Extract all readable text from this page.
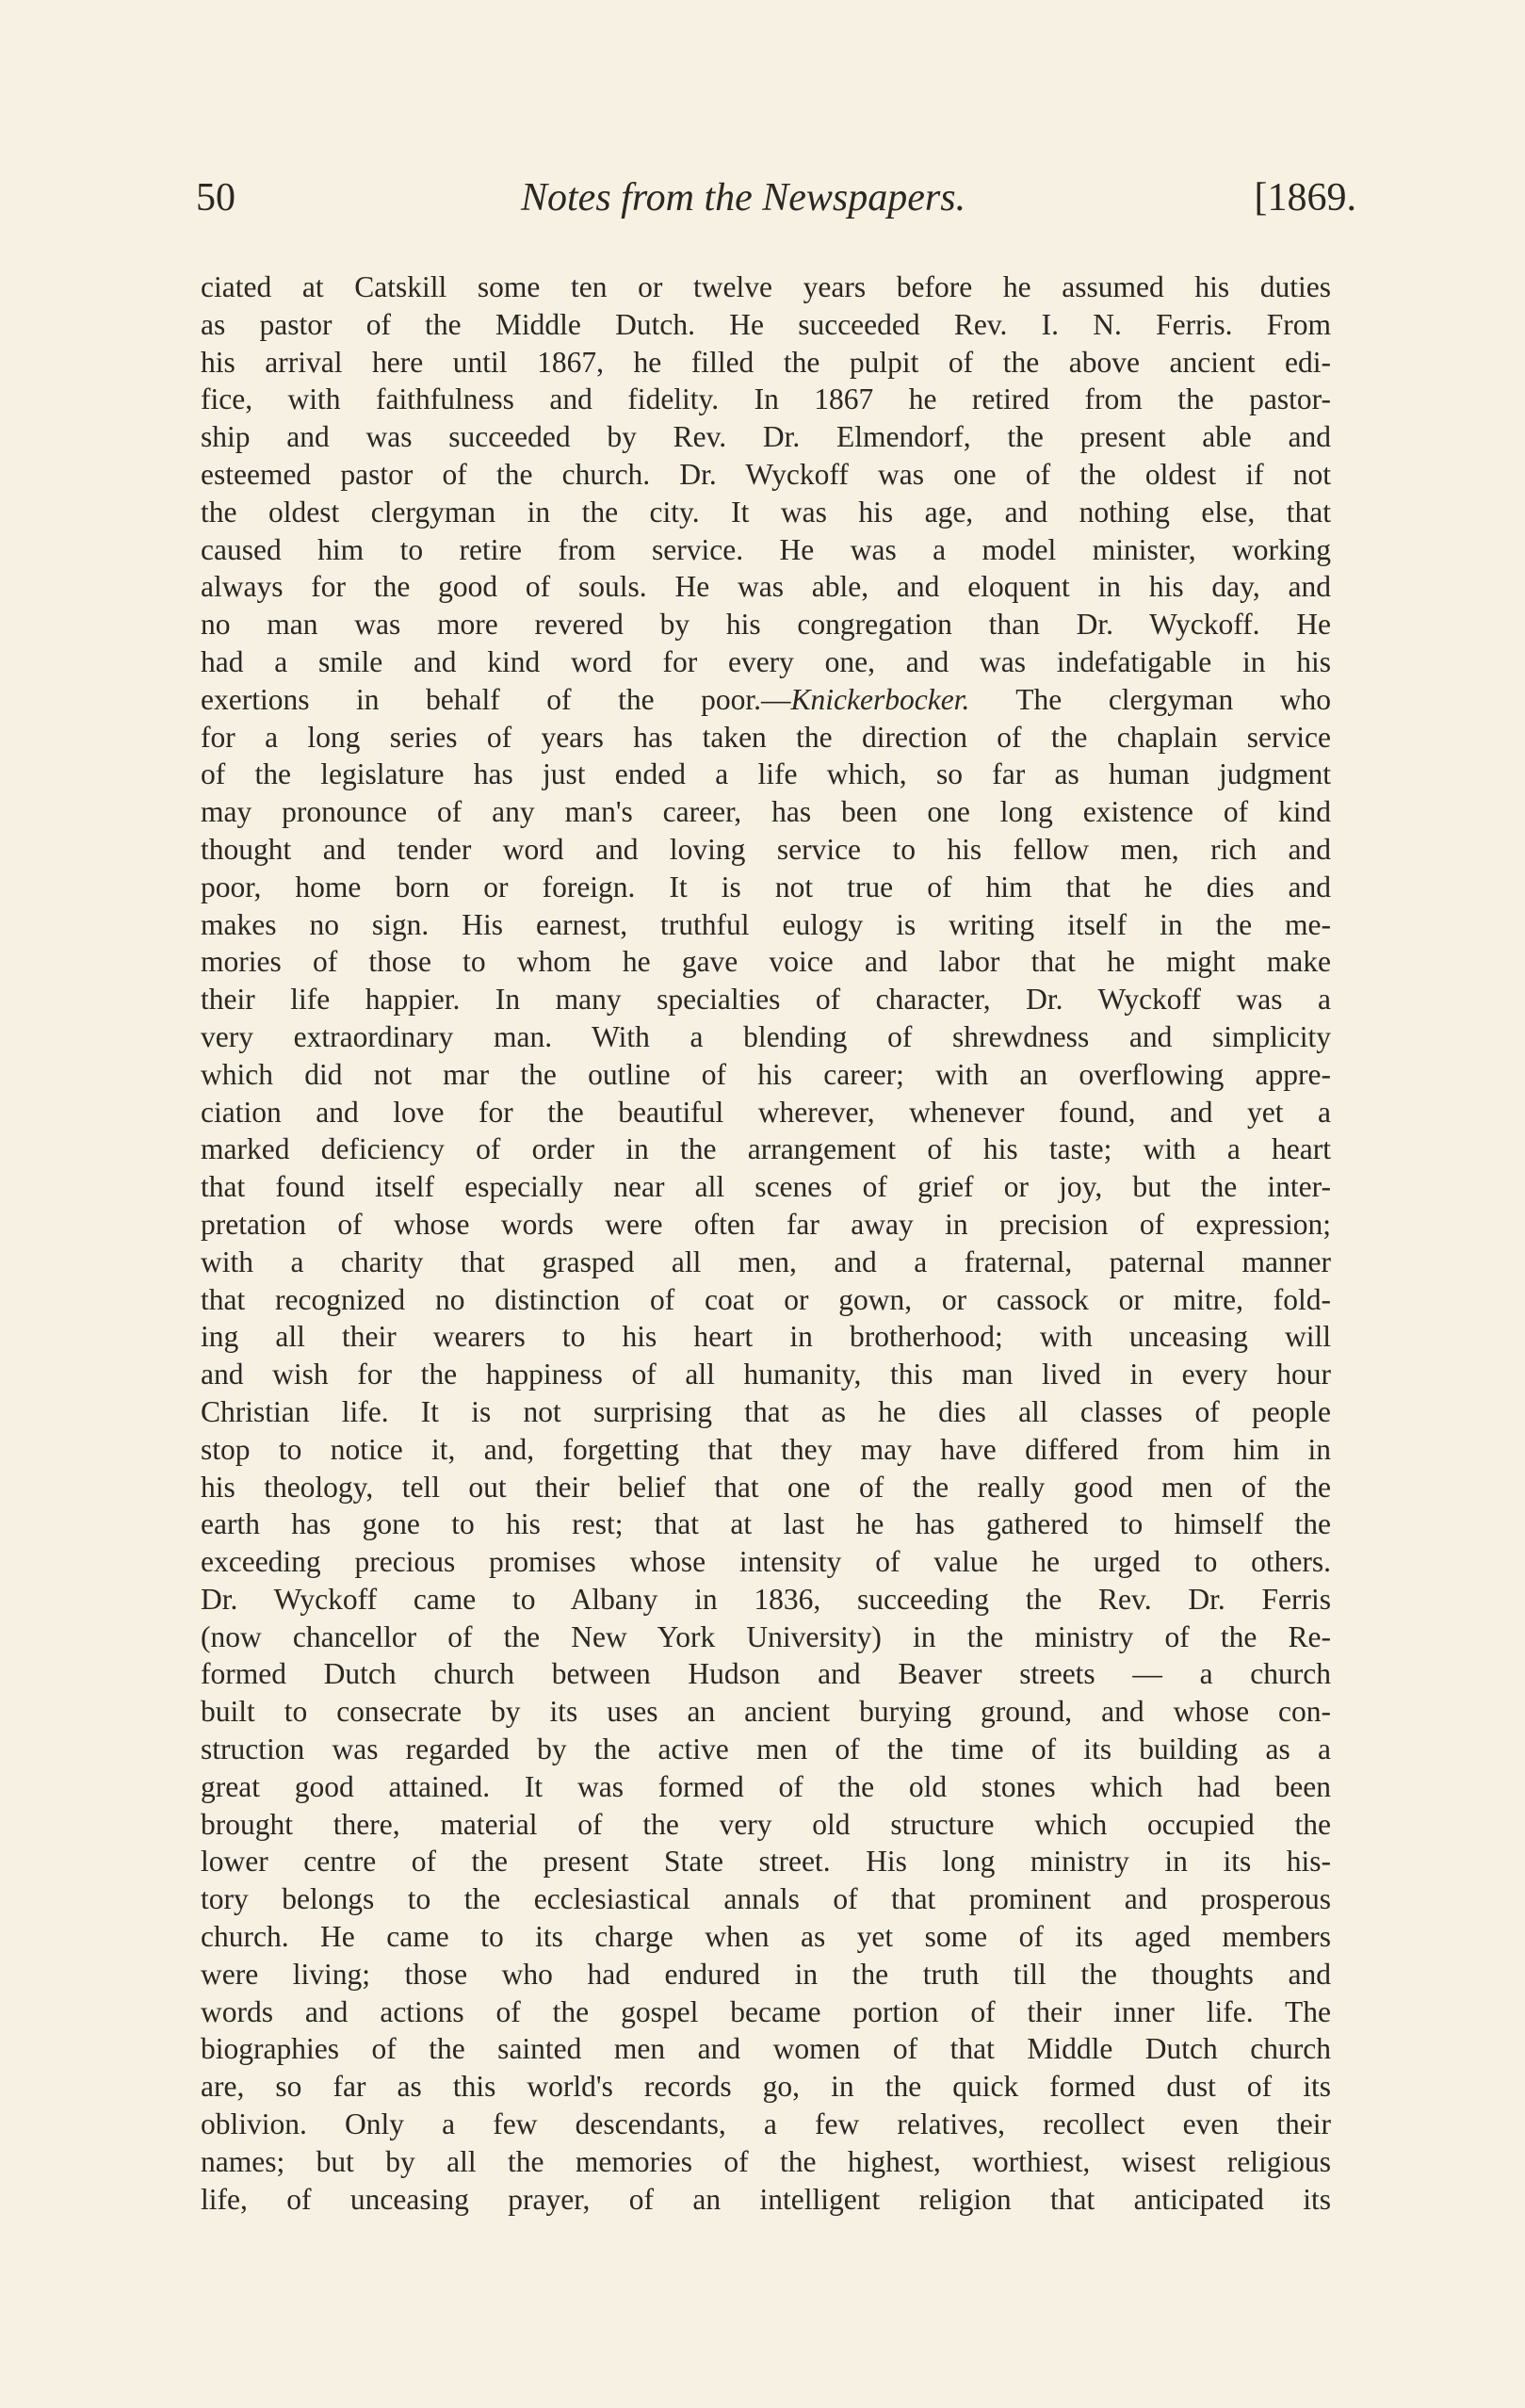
50	Notes from the Newspapers.	[1869.
ciated at Catskill some ten or twelve years before he assumed his duties
as pastor of the Middle Dutch. He succeeded Rev. I. N. Ferris. From
his arrival here until 1867, he filled the pulpit of the above ancient edi-
fice, with faithfulness and fidelity. In 1867 he retired from the pastor-
ship and was succeeded by Rev. Dr. Elmendorf, the present able and
esteemed pastor of the church. Dr. Wyckoff was one of the oldest if not
the oldest clergyman in the city. It was his age, and nothing else, that
caused him to retire from service. He was a model minister, working
always for the good of souls. He was able, and eloquent in his day, and
no man was more revered by his congregation than Dr. Wyckoff. He
had a smile and kind word for every one, and was indefatigable in his
exertions in behalf of the poor.—Knickerbocker. The clergyman who
for a long series of years has taken the direction of the chaplain service
of the legislature has just ended a life which, so far as human judgment
may pronounce of any man's career, has been one long existence of kind
thought and tender word and loving service to his fellow men, rich and
poor, home born or foreign. It is not true of him that he dies and
makes no sign. His earnest, truthful eulogy is writing itself in the me-
mories of those to whom he gave voice and labor that he might make
their life happier. In many specialties of character, Dr. Wyckoff was a
very extraordinary man. With a blending of shrewdness and simplicity
which did not mar the outline of his career; with an overflowing appre-
ciation and love for the beautiful wherever, whenever found, and yet a
marked deficiency of order in the arrangement of his taste; with a heart
that found itself especially near all scenes of grief or joy, but the inter-
pretation of whose words were often far away in precision of expression;
with a charity that grasped all men, and a fraternal, paternal manner
that recognized no distinction of coat or gown, or cassock or mitre, fold-
ing all their wearers to his heart in brotherhood; with unceasing will
and wish for the happiness of all humanity, this man lived in every hour
Christian life. It is not surprising that as he dies all classes of people
stop to notice it, and, forgetting that they may have differed from him in
his theology, tell out their belief that one of the really good men of the
earth has gone to his rest; that at last he has gathered to himself the
exceeding precious promises whose intensity of value he urged to others.
Dr. Wyckoff came to Albany in 1836, succeeding the Rev. Dr. Ferris
(now chancellor of the New York University) in the ministry of the Re-
formed Dutch church between Hudson and Beaver streets — a church
built to consecrate by its uses an ancient burying ground, and whose con-
struction was regarded by the active men of the time of its building as a
great good attained. It was formed of the old stones which had been
brought there, material of the very old structure which occupied the
lower centre of the present State street. His long ministry in its his-
tory belongs to the ecclesiastical annals of that prominent and prosperous
church. He came to its charge when as yet some of its aged members
were living; those who had endured in the truth till the thoughts and
words and actions of the gospel became portion of their inner life. The
biographies of the sainted men and women of that Middle Dutch church
are, so far as this world's records go, in the quick formed dust of its
oblivion. Only a few descendants, a few relatives, recollect even their
names; but by all the memories of the highest, worthiest, wisest religious
life, of unceasing prayer, of an intelligent religion that anticipated its
